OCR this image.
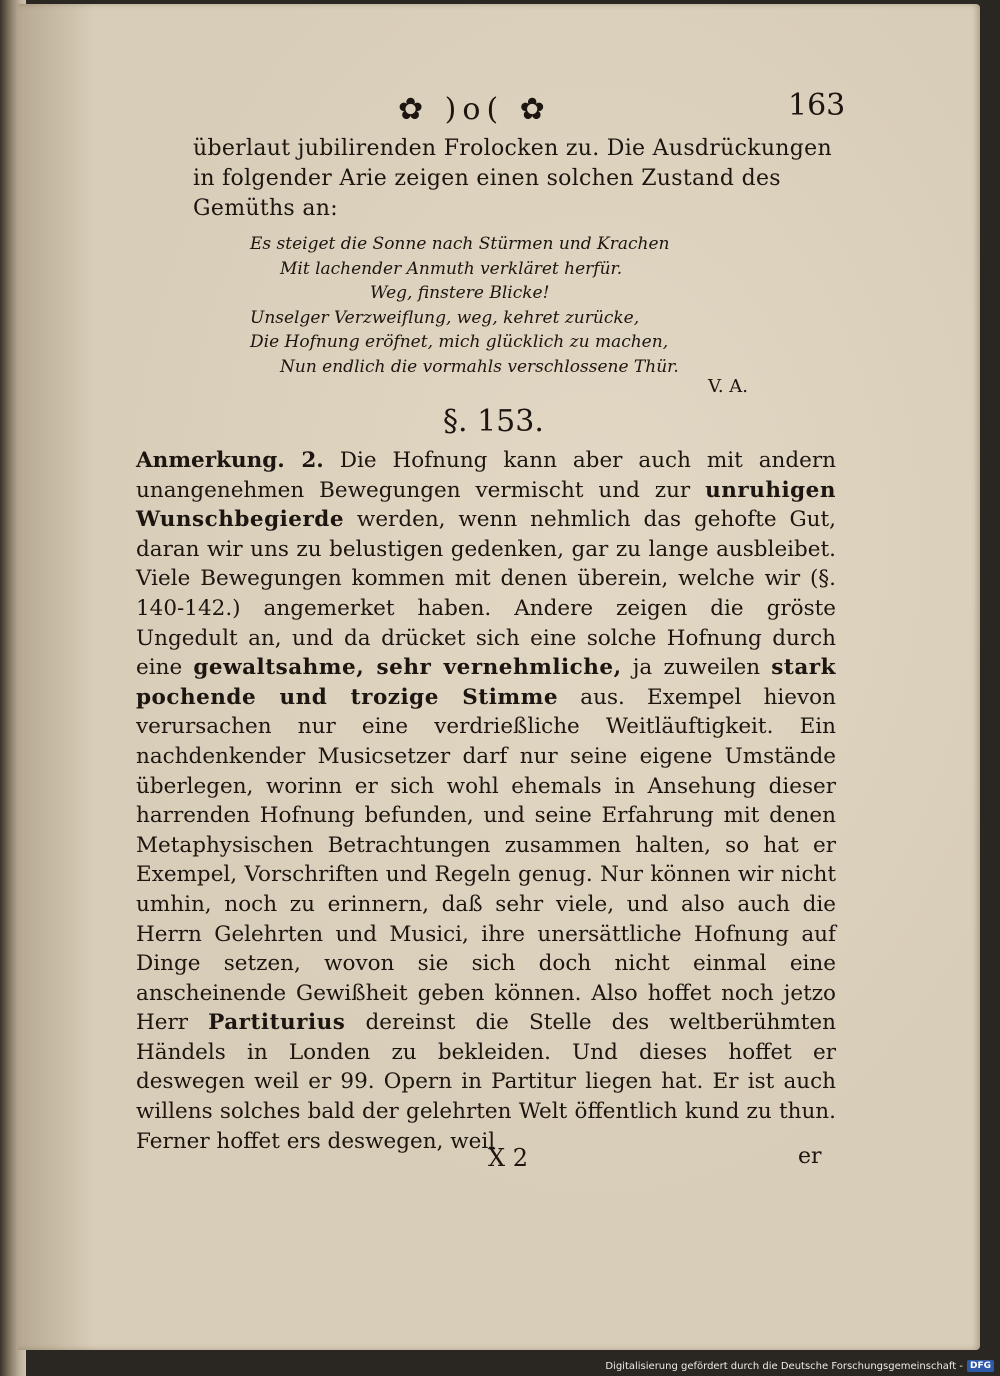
✿ )o( ✿	163
überlaut jubilirenden Frolocken zu. Die Ausdrückungen in folgender Arie zeigen einen solchen Zustand des Gemüths an:
Es steiget die Sonne nach Stürmen und Krachen
Mit lachender Anmuth verkläret herfür.
Weg, finstere Blicke!
Unselger Verzweiflung, weg, kehret zurücke,
Die Hofnung eröfnet, mich glücklich zu machen,
Nun endlich die vormahls verschlossene Thür.
V. A.
§. 153.
Anmerkung. 2. Die Hofnung kann aber auch mit andern unangenehmen Bewegungen vermischt und zur unruhigen Wunschbegierde werden, wenn nehmlich das gehofte Gut, daran wir uns zu belustigen gedenken, gar zu lange ausbleibet. Viele Bewegungen kommen mit denen überein, welche wir (§. 140-142.) angemerket haben. Andere zeigen die gröste Ungedult an, und da drücket sich eine solche Hofnung durch eine gewaltsahme, sehr vernehmliche, ja zuweilen stark pochende und trozige Stimme aus. Exempel hievon verursachen nur eine verdrießliche Weitläuftigkeit. Ein nachdenkender Musicsetzer darf nur seine eigene Umstände überlegen, worinn er sich wohl ehemals in Ansehung dieser harrenden Hofnung befunden, und seine Erfahrung mit denen Metaphysischen Betrachtungen zusammen halten, so hat er Exempel, Vorschriften und Regeln genug. Nur können wir nicht umhin, noch zu erinnern, daß sehr viele, und also auch die Herrn Gelehrten und Musici, ihre unersättliche Hofnung auf Dinge setzen, wovon sie sich doch nicht einmal eine anscheinende Gewißheit geben können. Also hoffet noch jetzo Herr Partiturius dereinst die Stelle des weltberühmten Händels in Londen zu bekleiden. Und dieses hoffet er deswegen weil er 99. Opern in Partitur liegen hat. Er ist auch willens solches bald der gelehrten Welt öffentlich kund zu thun. Ferner hoffet ers deswegen, weil
X 2	er
Digitalisierung gefördert durch die Deutsche Forschungsgemeinschaft - DFG
